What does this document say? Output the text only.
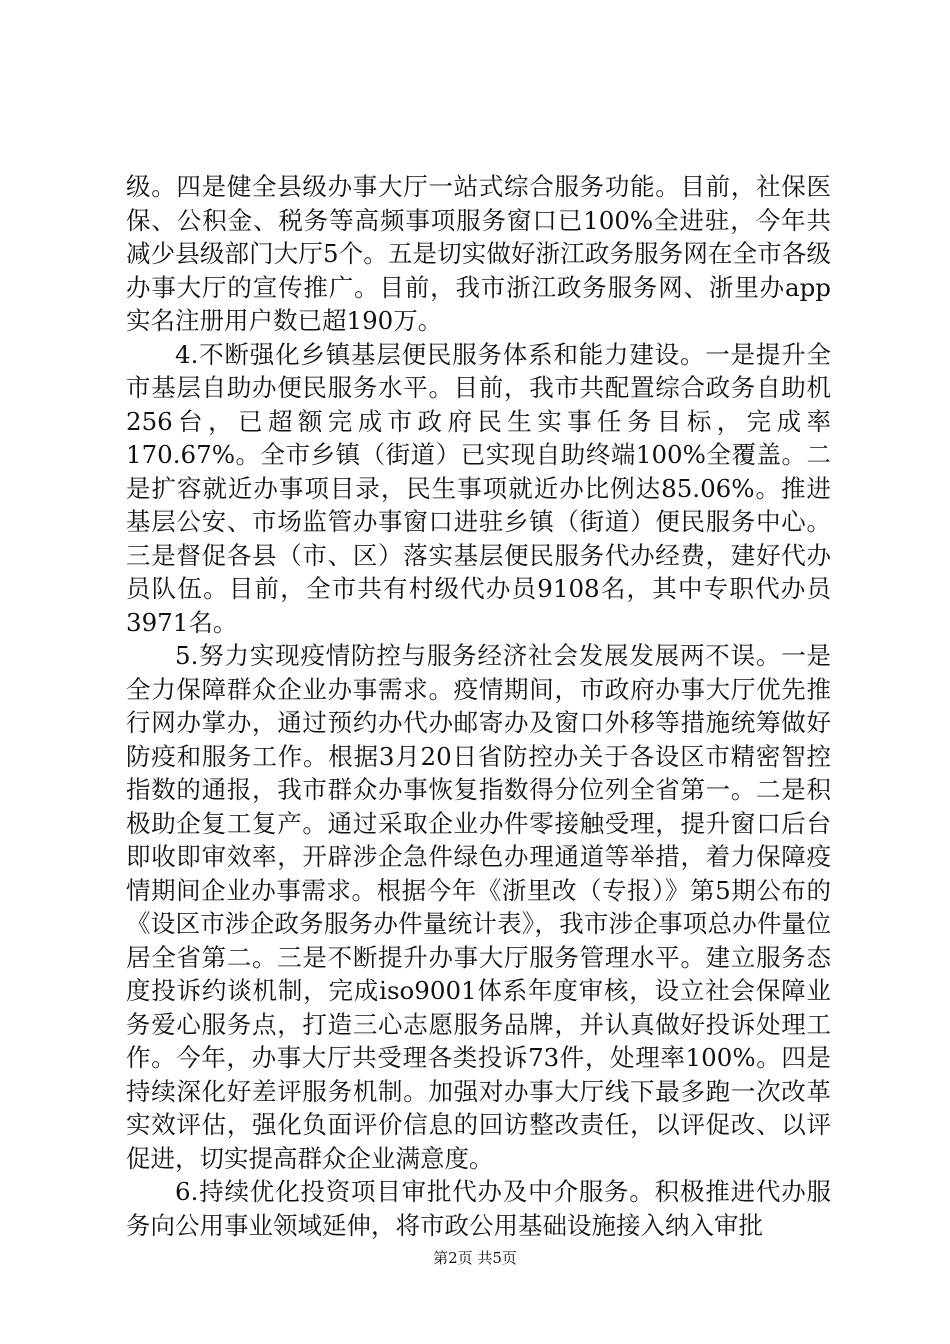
级。四是健全县级办事大厅一站式综合服务功能。目前，社保医保、公积金、税务等高频事项服务窗口已100%全进驻，今年共减少县级部门大厅5个。五是切实做好浙江政务服务网在全市各级办事大厅的宣传推广。目前，我市浙江政务服务网、浙里办app实名注册用户数已超190万。

4.不断强化乡镇基层便民服务体系和能力建设。一是提升全市基层自助办便民服务水平。目前，我市共配置综合政务自助机256台，已超额完成市政府民生实事任务目标，完成率170.67%。全市乡镇（街道）已实现自助终端100%全覆盖。二是扩容就近办事项目录，民生事项就近办比例达85.06%。推进基层公安、市场监管办事窗口进驻乡镇（街道）便民服务中心。三是督促各县（市、区）落实基层便民服务代办经费，建好代办员队伍。目前，全市共有村级代办员9108名，其中专职代办员3971名。

5.努力实现疫情防控与服务经济社会发展发展两不误。一是全力保障群众企业办事需求。疫情期间，市政府办事大厅优先推行网办掌办，通过预约办代办邮寄办及窗口外移等措施统筹做好防疫和服务工作。根据3月20日省防控办关于各设区市精密智控指数的通报，我市群众办事恢复指数得分位列全省第一。二是积极助企复工复产。通过采取企业办件零接触受理，提升窗口后台即收即审效率，开辟涉企急件绿色办理通道等举措，着力保障疫情期间企业办事需求。根据今年《浙里改（专报）》第5期公布的《设区市涉企政务服务办件量统计表》，我市涉企事项总办件量位居全省第二。三是不断提升办事大厅服务管理水平。建立服务态度投诉约谈机制，完成iso9001体系年度审核，设立社会保障业务爱心服务点，打造三心志愿服务品牌，并认真做好投诉处理工作。今年，办事大厅共受理各类投诉73件，处理率100%。四是持续深化好差评服务机制。加强对办事大厅线下最多跑一次改革实效评估，强化负面评价信息的回访整改责任，以评促改、以评促进，切实提高群众企业满意度。

6.持续优化投资项目审批代办及中介服务。积极推进代办服务向公用事业领域延伸，将市政公用基础设施接入纳入审批

第2页 共5页
